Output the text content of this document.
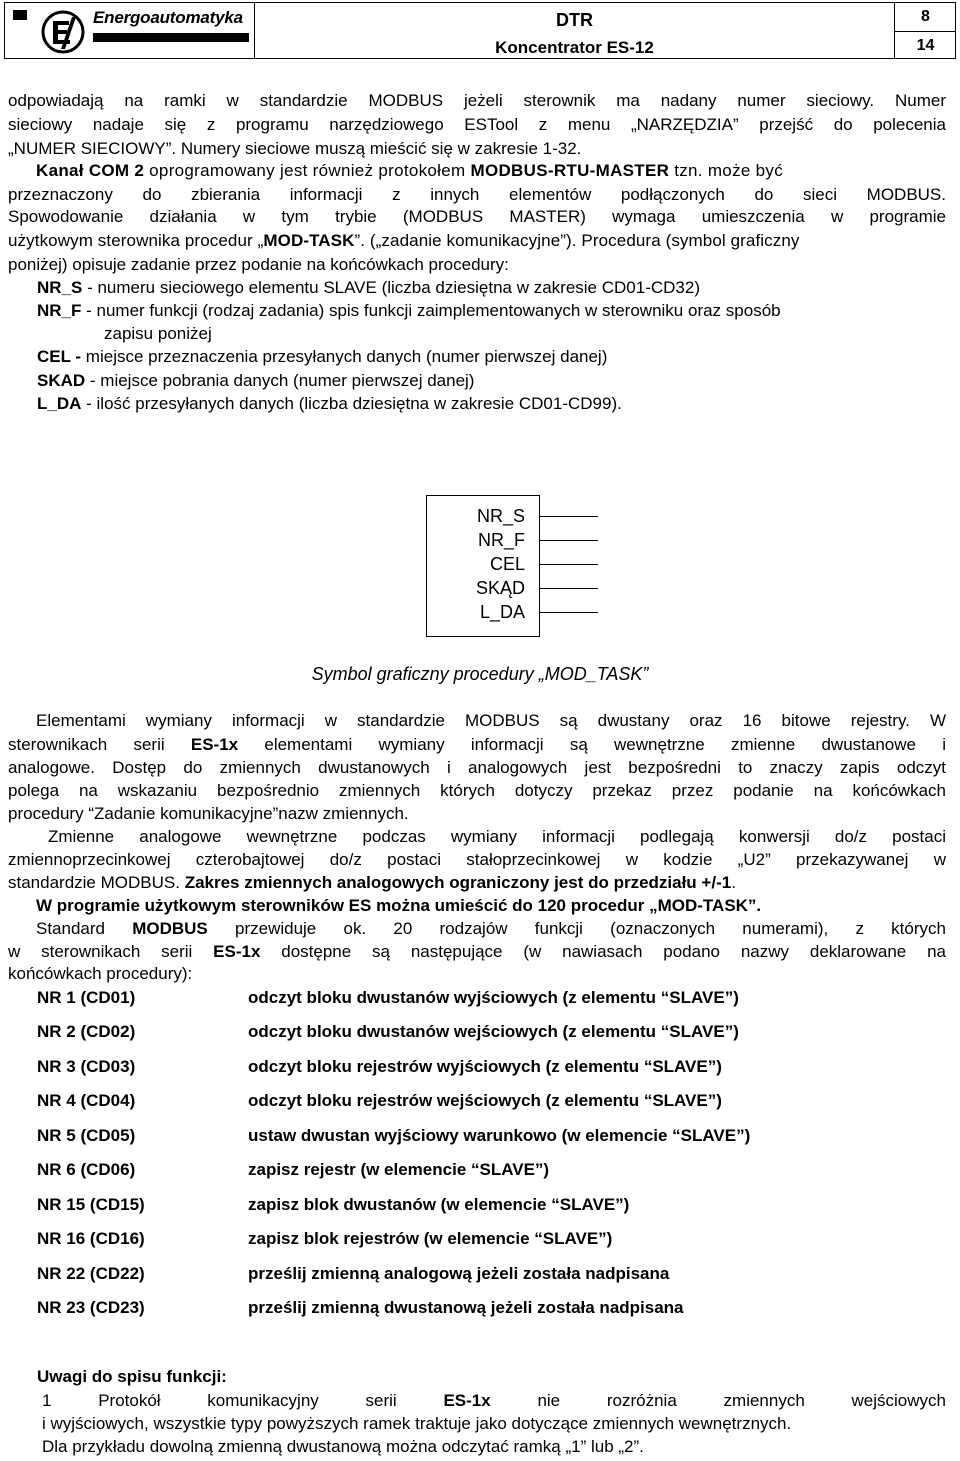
Energoautomatyka	DTR
Koncentrator ES-12
8
14
odpowiadają na ramki w standardzie MODBUS jeżeli sterownik ma nadany numer sieciowy. Numer
sieciowy nadaje się z programu narzędziowego ESTool z menu „NARZĘDZIA” przejść do polecenia
„NUMER SIECIOWY”. Numery sieciowe muszą mieścić się w zakresie 1-32.
Kanał COM 2 oprogramowany jest również protokołem MODBUS-RTU-MASTER tzn. może być
przeznaczony do zbierania informacji z innych elementów podłączonych do sieci MODBUS.
Spowodowanie działania w tym trybie (MODBUS MASTER) wymaga umieszczenia w programie
użytkowym sterownika procedur „MOD-TASK”. („zadanie komunikacyjne”). Procedura (symbol graficzny
poniżej) opisuje zadanie przez podanie na końcówkach procedury:
NR_S - numeru sieciowego elementu SLAVE (liczba dziesiętna w zakresie CD01-CD32)
NR_F - numer funkcji (rodzaj zadania) spis funkcji zaimplementowanych w sterowniku oraz sposób
zapisu poniżej
CEL - miejsce przeznaczenia przesyłanych danych (numer pierwszej danej)
SKAD - miejsce pobrania danych (numer pierwszej danej)
L_DA - ilość przesyłanych danych (liczba dziesiętna w zakresie CD01-CD99).
NR_S
NR_F
CEL
SKĄD
L_DA
Symbol graficzny procedury „MOD_TASK”
Elementami wymiany informacji w standardzie MODBUS są dwustany oraz 16 bitowe rejestry. W
sterownikach serii ES-1x elementami wymiany informacji są wewnętrzne zmienne dwustanowe i
analogowe. Dostęp do zmiennych dwustanowych i analogowych jest bezpośredni to znaczy zapis odczyt
polega na wskazaniu bezpośrednio zmiennych których dotyczy przekaz przez podanie na końcówkach
procedury “Zadanie komunikacyjne”nazw zmiennych.
Zmienne analogowe wewnętrzne podczas wymiany informacji podlegają konwersji do/z postaci
zmiennoprzecinkowej czterobajtowej do/z postaci stałoprzecinkowej w kodzie „U2” przekazywanej w
standardzie MODBUS. Zakres zmiennych analogowych ograniczony jest do przedziału +/-1.
W programie użytkowym sterowników ES można umieścić do 120 procedur „MOD-TASK”.
Standard MODBUS przewiduje ok. 20 rodzajów funkcji (oznaczonych numerami), z których
w sterownikach serii ES-1x dostępne są następujące (w nawiasach podano nazwy deklarowane na
końcówkach procedury):
NR 1 (CD01)	odczyt bloku dwustanów wyjściowych (z elementu “SLAVE”)
NR 2 (CD02)	odczyt bloku dwustanów wejściowych (z elementu “SLAVE”)
NR 3 (CD03)	odczyt bloku rejestrów wyjściowych (z elementu “SLAVE”)
NR 4 (CD04)	odczyt bloku rejestrów wejściowych (z elementu “SLAVE”)
NR 5 (CD05)	ustaw dwustan wyjściowy warunkowo (w elemencie “SLAVE”)
NR 6 (CD06)	zapisz rejestr (w elemencie “SLAVE”)
NR 15 (CD15)	zapisz blok dwustanów (w elemencie “SLAVE”)
NR 16 (CD16)	zapisz blok rejestrów (w elemencie “SLAVE”)
NR 22 (CD22)	prześlij zmienną analogową jeżeli została nadpisana
NR 23 (CD23)	prześlij zmienną dwustanową jeżeli została nadpisana
Uwagi do spisu funkcji:
1 Protokół komunikacyjny serii ES-1x nie rozróżnia zmiennych wejściowych
i wyjściowych, wszystkie typy powyższych ramek traktuje jako dotyczące zmiennych wewnętrznych.
Dla przykładu dowolną zmienną dwustanową można odczytać ramką „1” lub „2”.
